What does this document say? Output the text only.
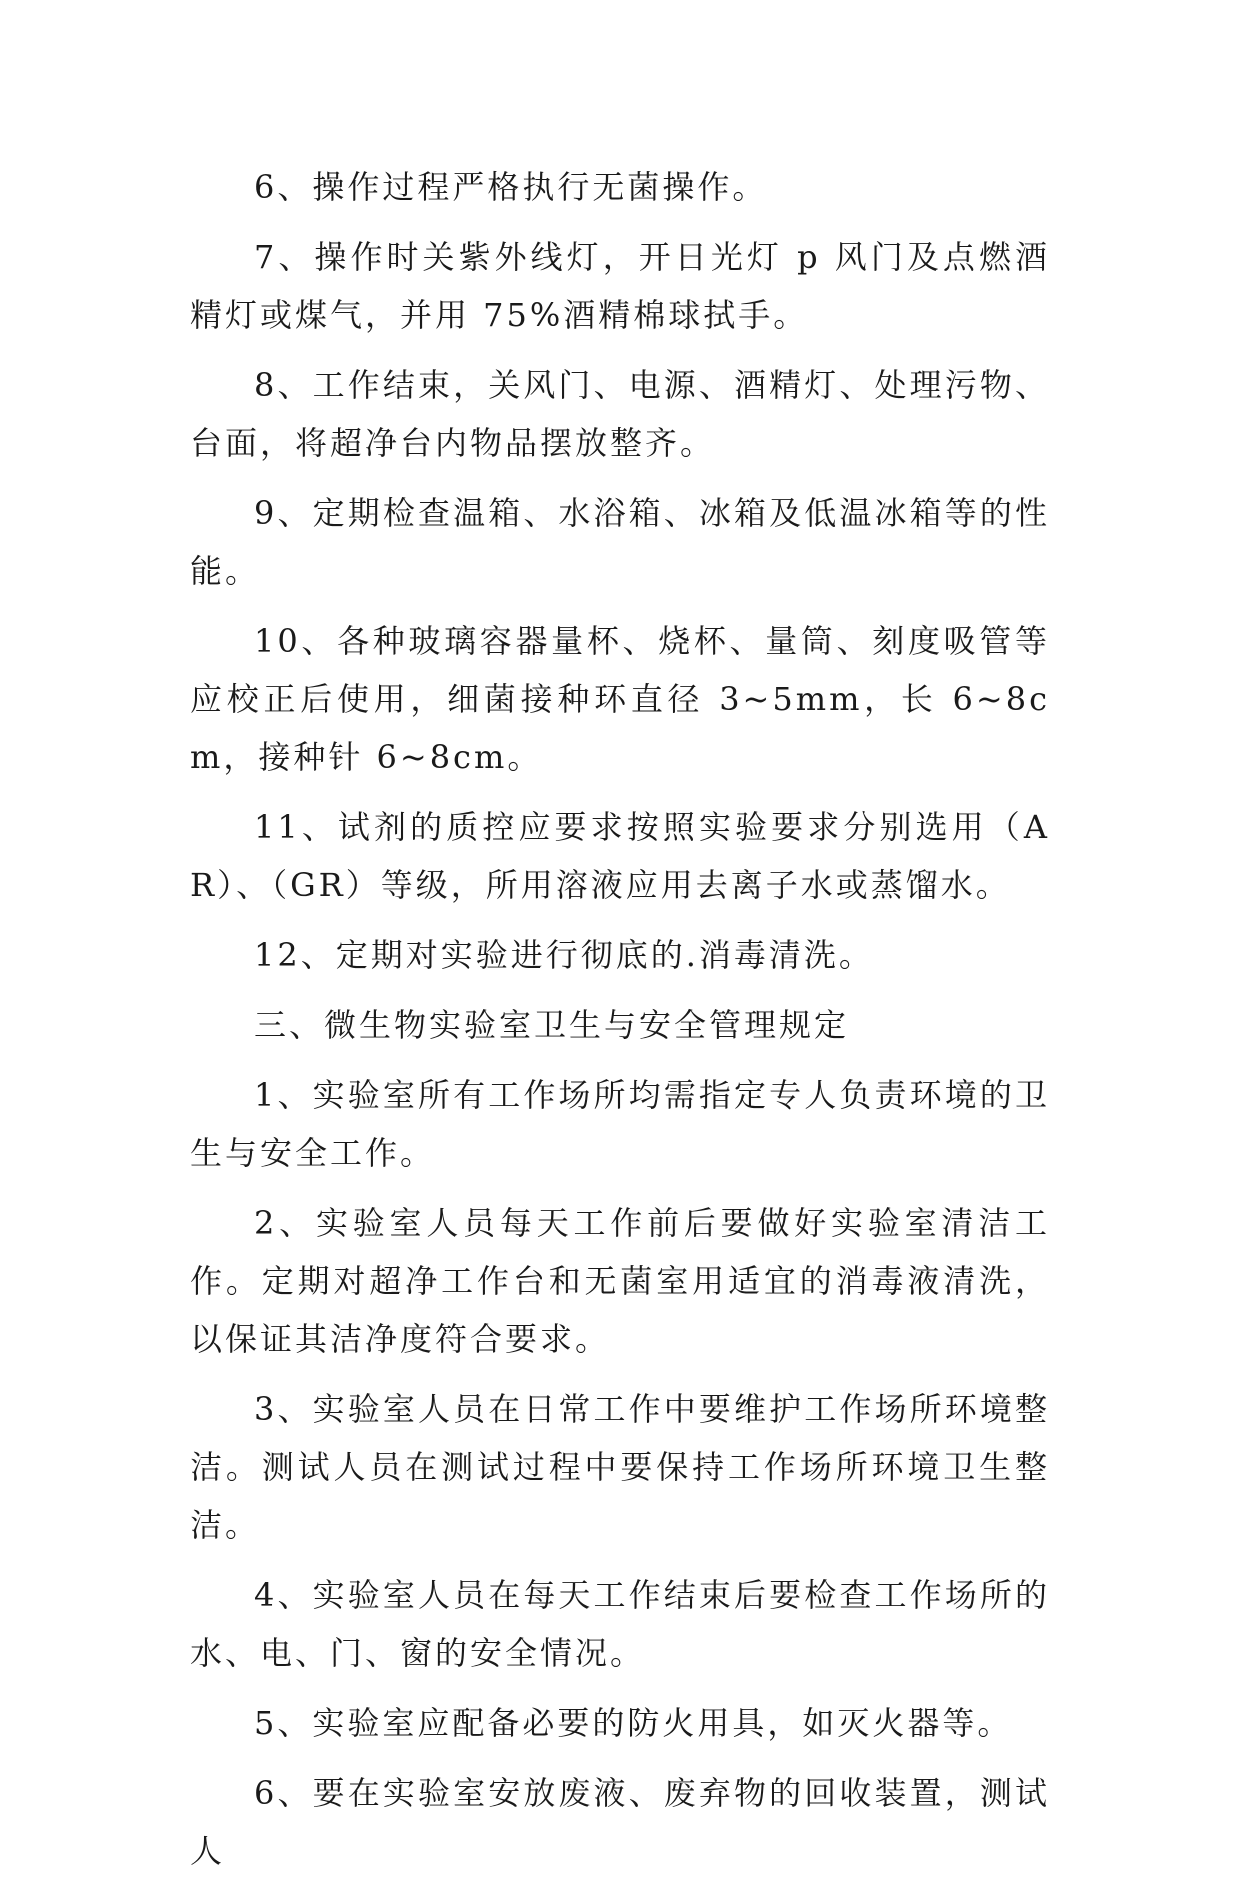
6、操作过程严格执行无菌操作。

7、操作时关紫外线灯，开日光灯 p 风门及点燃酒精灯或煤气，并用 75%酒精棉球拭手。

8、工作结束，关风门、电源、酒精灯、处理污物、台面，将超净台内物品摆放整齐。

9、定期检查温箱、水浴箱、冰箱及低温冰箱等的性能。

10、各种玻璃容器量杯、烧杯、量筒、刻度吸管等应校正后使用，细菌接种环直径 3~5mm，长 6~8cm，接种针 6~8cm。

11、试剂的质控应要求按照实验要求分别选用（AR）、（GR）等级，所用溶液应用去离子水或蒸馏水。

12、定期对实验进行彻底的.消毒清洗。

三、微生物实验室卫生与安全管理规定

1、实验室所有工作场所均需指定专人负责环境的卫生与安全工作。

2、实验室人员每天工作前后要做好实验室清洁工作。定期对超净工作台和无菌室用适宜的消毒液清洗，以保证其洁净度符合要求。

3、实验室人员在日常工作中要维护工作场所环境整洁。测试人员在测试过程中要保持工作场所环境卫生整洁。

4、实验室人员在每天工作结束后要检查工作场所的水、电、门、窗的安全情况。

5、实验室应配备必要的防火用具，如灭火器等。

6、要在实验室安放废液、废弃物的回收装置，测试人
